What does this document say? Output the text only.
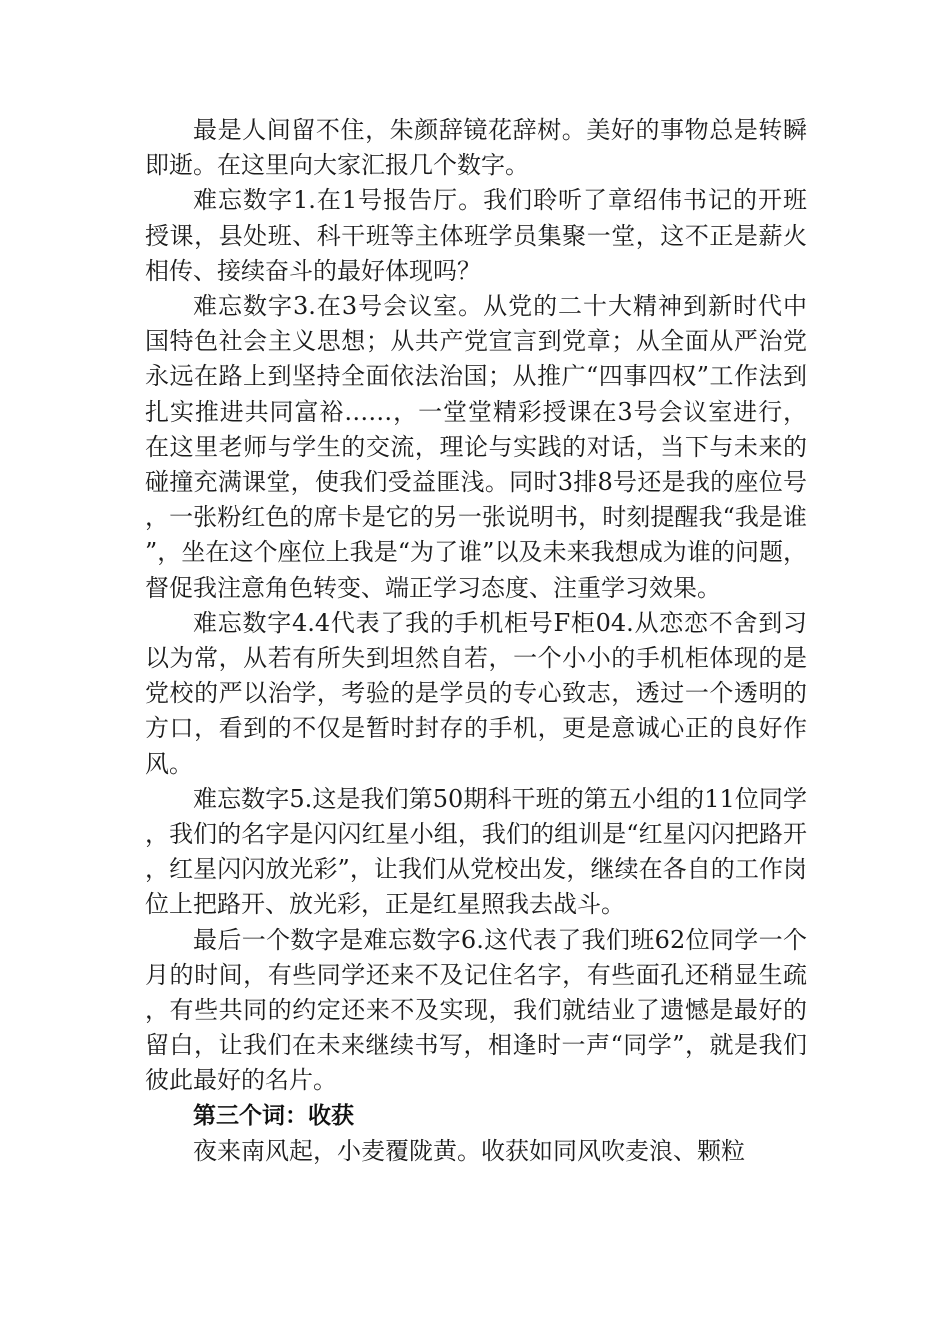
最是人间留不住，朱颜辞镜花辞树。美好的事物总是转瞬即逝。在这里向大家汇报几个数字。

难忘数字1.在1号报告厅。我们聆听了章绍伟书记的开班授课，县处班、科干班等主体班学员集聚一堂，这不正是薪火相传、接续奋斗的最好体现吗？

难忘数字3.在3号会议室。从党的二十大精神到新时代中国特色社会主义思想；从共产党宣言到党章；从全面从严治党永远在路上到坚持全面依法治国；从推广“四事四权”工作法到扎实推进共同富裕……，一堂堂精彩授课在3号会议室进行，在这里老师与学生的交流，理论与实践的对话，当下与未来的碰撞充满课堂，使我们受益匪浅。同时3排8号还是我的座位号，一张粉红色的席卡是它的另一张说明书，时刻提醒我“我是谁”，坐在这个座位上我是“为了谁”以及未来我想成为谁的问题，督促我注意角色转变、端正学习态度、注重学习效果。

难忘数字4.4代表了我的手机柜号F柜04.从恋恋不舍到习以为常，从若有所失到坦然自若，一个小小的手机柜体现的是党校的严以治学，考验的是学员的专心致志，透过一个透明的方口，看到的不仅是暂时封存的手机，更是意诚心正的良好作风。

难忘数字5.这是我们第50期科干班的第五小组的11位同学，我们的名字是闪闪红星小组，我们的组训是“红星闪闪把路开，红星闪闪放光彩”，让我们从党校出发，继续在各自的工作岗位上把路开、放光彩，正是红星照我去战斗。

最后一个数字是难忘数字6.这代表了我们班62位同学一个月的时间，有些同学还来不及记住名字，有些面孔还稍显生疏，有些共同的约定还来不及实现，我们就结业了遗憾是最好的留白，让我们在未来继续书写，相逢时一声“同学”，就是我们彼此最好的名片。

第三个词：收获

夜来南风起，小麦覆陇黄。收获如同风吹麦浪、颗粒
